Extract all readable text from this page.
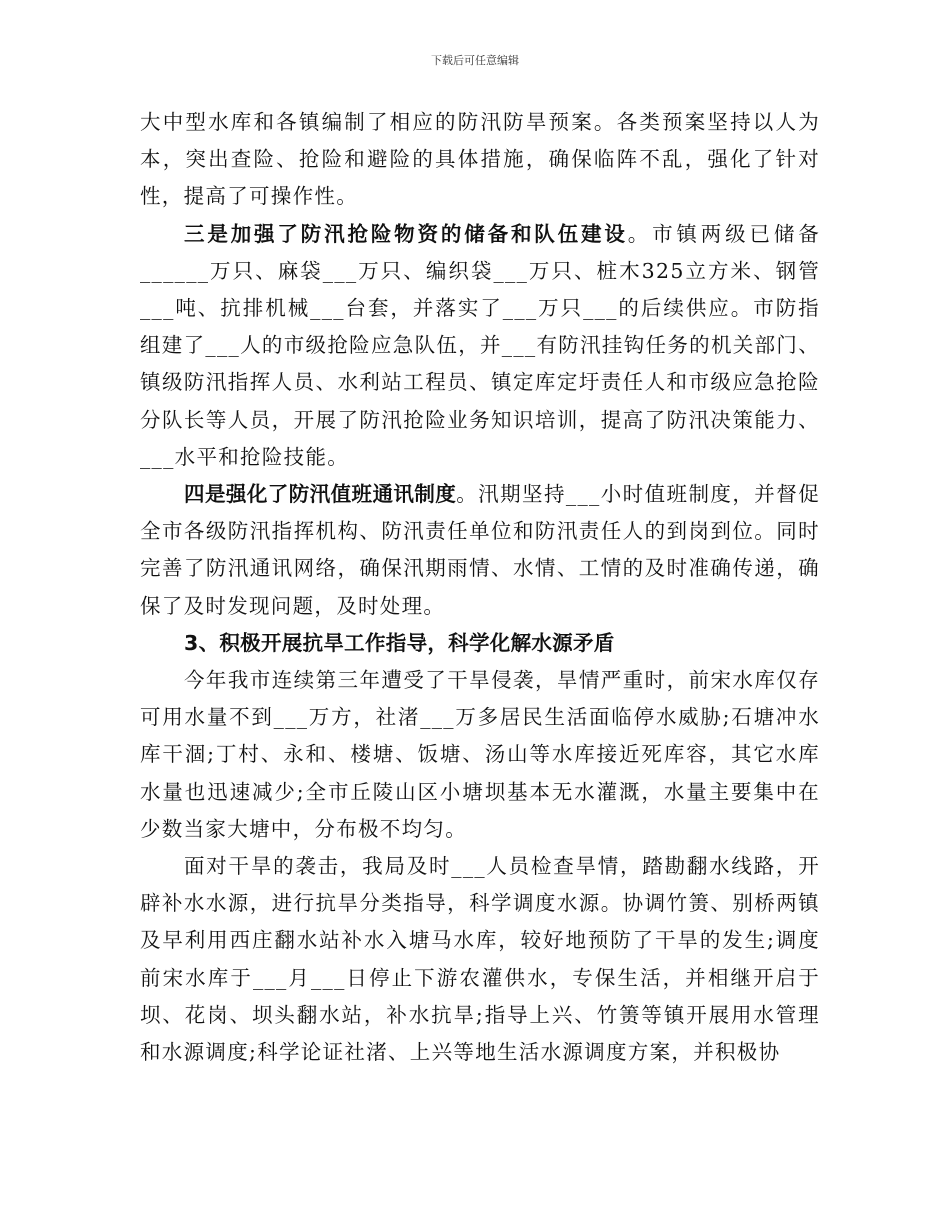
下载后可任意编辑

大中型水库和各镇编制了相应的防汛防旱预案。各类预案坚持以人为本，突出查险、抢险和避险的具体措施，确保临阵不乱，强化了针对性，提高了可操作性。

三是加强了防汛抢险物资的储备和队伍建设。市镇两级已储备______万只、麻袋___万只、编织袋___万只、桩木325立方米、钢管___吨、抗排机械___台套，并落实了___万只___的后续供应。市防指组建了___人的市级抢险应急队伍，并___有防汛挂钩任务的机关部门、镇级防汛指挥人员、水利站工程员、镇定库定圩责任人和市级应急抢险分队长等人员，开展了防汛抢险业务知识培训，提高了防汛决策能力、___水平和抢险技能。

四是强化了防汛值班通讯制度。汛期坚持___小时值班制度，并督促全市各级防汛指挥机构、防汛责任单位和防汛责任人的到岗到位。同时完善了防汛通讯网络，确保汛期雨情、水情、工情的及时准确传递，确保了及时发现问题，及时处理。

3、积极开展抗旱工作指导，科学化解水源矛盾

今年我市连续第三年遭受了干旱侵袭，旱情严重时，前宋水库仅存可用水量不到___万方，社渚___万多居民生活面临停水威胁;石塘冲水库干涸;丁村、永和、楼塘、饭塘、汤山等水库接近死库容，其它水库水量也迅速减少;全市丘陵山区小塘坝基本无水灌溉，水量主要集中在少数当家大塘中，分布极不均匀。

面对干旱的袭击，我局及时___人员检查旱情，踏勘翻水线路，开辟补水水源，进行抗旱分类指导，科学调度水源。协调竹箦、别桥两镇及早利用西庄翻水站补水入塘马水库，较好地预防了干旱的发生;调度前宋水库于___月___日停止下游农灌供水，专保生活，并相继开启于坝、花岗、坝头翻水站，补水抗旱;指导上兴、竹箦等镇开展用水管理和水源调度;科学论证社渚、上兴等地生活水源调度方案，并积极协
